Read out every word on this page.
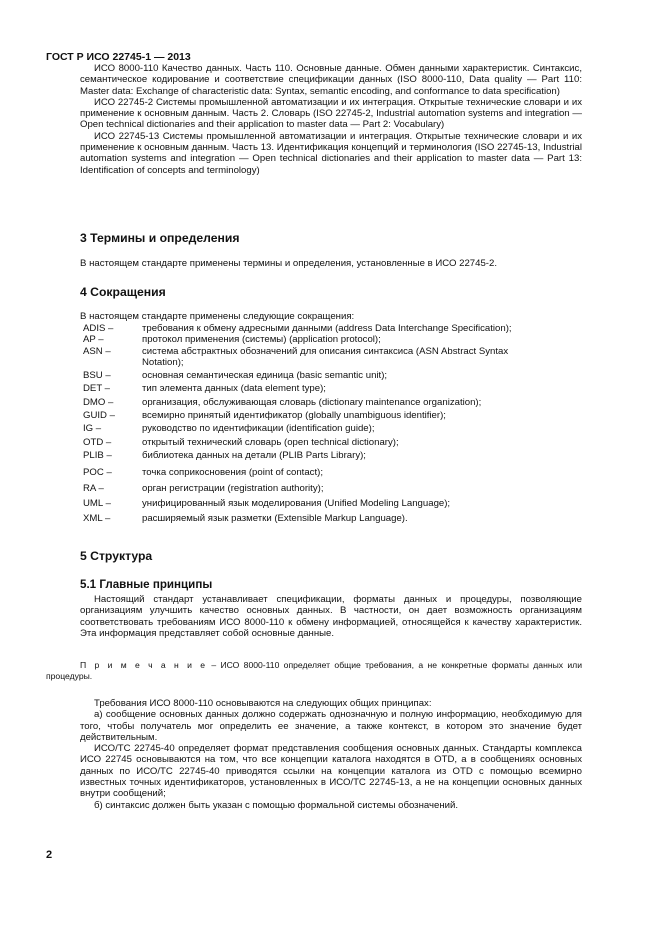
ГОСТ Р ИСО 22745-1 — 2013

ИСО 8000-110 Качество данных. Часть 110. Основные данные. Обмен данными характеристик. Синтаксис, семантическое кодирование и соответствие спецификации данных (ISO 8000-110, Data quality — Part 110: Master data: Exchange of characteristic data: Syntax, semantic encoding, and conformance to data specification)

ИСО 22745-2 Системы промышленной автоматизации и их интеграция. Открытые технические словари и их применение к основным данным. Часть 2. Словарь (ISO 22745-2, Industrial automation systems and integration — Open technical dictionaries and their application to master data — Part 2: Vocabulary)

ИСО 22745-13 Системы промышленной автоматизации и интеграция. Открытые технические словари и их применение к основным данным. Часть 13. Идентификация концепций и терминология (ISO 22745-13, Industrial automation systems and integration — Open technical dictionaries and their application to master data — Part 13: Identification of concepts and terminology)

3 Термины и определения
В настоящем стандарте применены термины и определения, установленные в ИСО 22745-2.
4 Сокращения
В настоящем стандарте применены следующие сокращения:
ADIS –	требования к обмену адресными данными (address Data Interchange Specification);
AP –	протокол применения (системы) (application protocol);
ASN –	система абстрактных обозначений для описания синтаксиса (ASN Abstract Syntax Notation);
BSU –	основная семантическая единица (basic semantic unit);
DET –	тип элемента данных (data element type);
DMO –	организация, обслуживающая словарь (dictionary maintenance organization);
GUID –	всемирно принятый идентификатор (globally unambiguous identifier);
IG –	руководство по идентификации (identification guide);
OTD –	открытый технический словарь (open technical dictionary);
PLIB –	библиотека данных на детали (PLIB Parts Library);
POC –	точка соприкосновения (point of contact);
RA –	орган регистрации (registration authority);
UML –	унифицированный язык моделирования (Unified Modeling Language);
XML –	расширяемый язык разметки (Extensible Markup Language).
5 Структура
5.1 Главные принципы

Настоящий стандарт устанавливает спецификации, форматы данных и процедуры, позволяющие организациям улучшить качество основных данных. В частности, он дает возможность организациям соответствовать требованиям ИСО 8000-110 к обмену информацией, относящейся к качеству характеристик. Эта информация представляет собой основные данные.

П р и м е ч а н и е – ИСО 8000-110 определяет общие требования, а не конкретные форматы данных или процедуры.

Требования ИСО 8000-110 основываются на следующих общих принципах:

а) сообщение основных данных должно содержать однозначную и полную информацию, необходимую для того, чтобы получатель мог определить ее значение, а также контекст, в котором это значение будет действительным.

ИСО/ТС 22745-40 определяет формат представления сообщения основных данных. Стандарты комплекса ИСО 22745 основываются на том, что все концепции каталога находятся в OTD, а в сообщениях основных данных по ИСО/ТС 22745-40 приводятся ссылки на концепции каталога из OTD с помощью всемирно известных точных идентификаторов, установленных в ИСО/ТС 22745-13, а не на концепции основных данных внутри сообщений;

б) синтаксис должен быть указан с помощью формальной системы обозначений.

2
